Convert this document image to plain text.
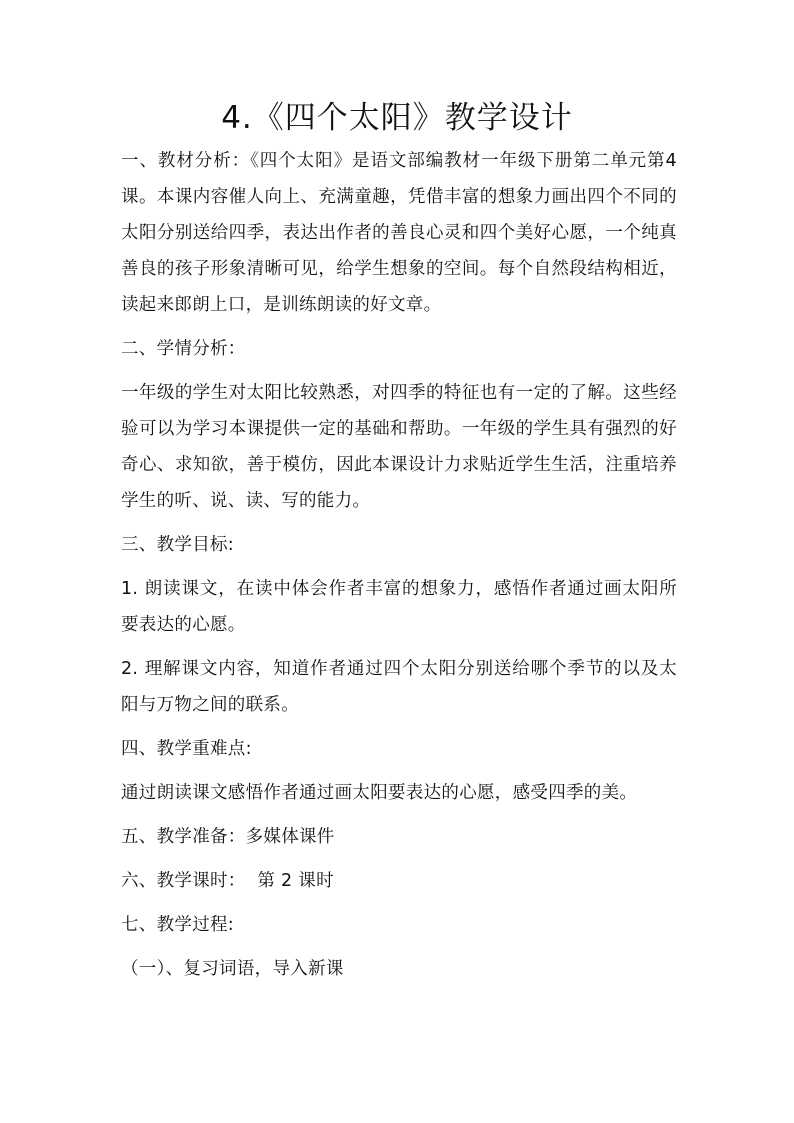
4.《四个太阳》教学设计

一、教材分析：《四个太阳》是语文部编教材一年级下册第二单元第4课。本课内容催人向上、充满童趣，凭借丰富的想象力画出四个不同的太阳分别送给四季，表达出作者的善良心灵和四个美好心愿，一个纯真善良的孩子形象清晰可见，给学生想象的空间。每个自然段结构相近，读起来郎朗上口，是训练朗读的好文章。

二、学情分析：

一年级的学生对太阳比较熟悉，对四季的特征也有一定的了解。这些经验可以为学习本课提供一定的基础和帮助。一年级的学生具有强烈的好奇心、求知欲，善于模仿，因此本课设计力求贴近学生生活，注重培养学生的听、说、读、写的能力。

三、教学目标:

1. 朗读课文，在读中体会作者丰富的想象力，感悟作者通过画太阳所要表达的心愿。

2. 理解课文内容，知道作者通过四个太阳分别送给哪个季节的以及太阳与万物之间的联系。

四、教学重难点:

通过朗读课文感悟作者通过画太阳要表达的心愿，感受四季的美。

五、教学准备：多媒体课件

六、教学课时：  第 2 课时

七、教学过程:

（一）、复习词语，导入新课
